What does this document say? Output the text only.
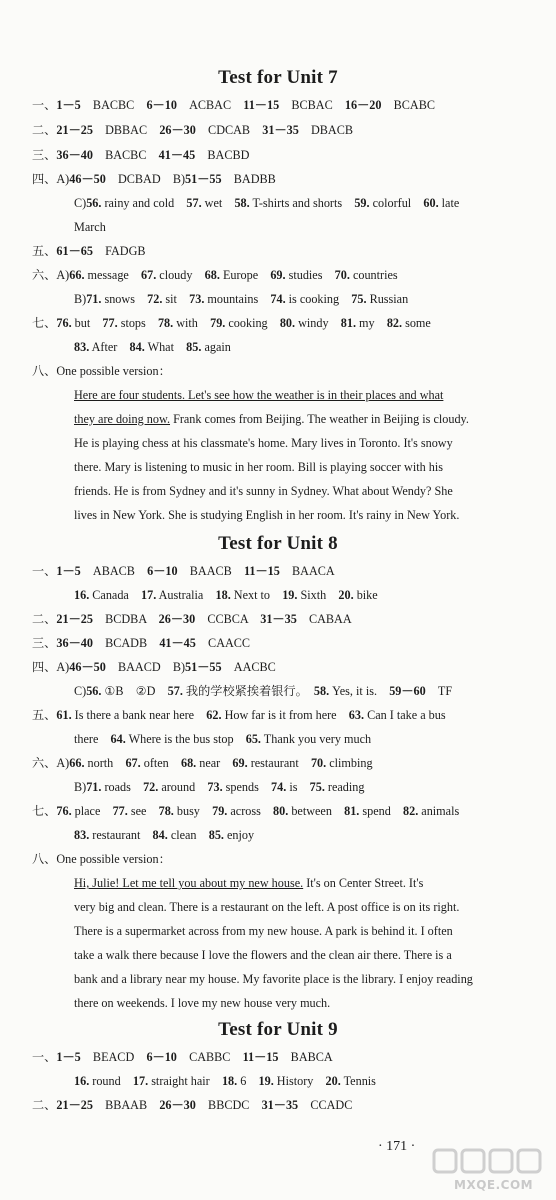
Test for Unit 7
一、1－5　BACBC　6－10　ACBAC　11－15　BCBAC　16－20　BCABC
二、21－25　DBBAC　26－30　CDCAB　31－35　DBACB
三、36－40　BACBC　41－45　BACBD
四、A)46－50　DCBAD　B)51－55　BADBB
C)56. rainy and cold　57. wet　58. T-shirts and shorts　59. colorful　60. late
March
五、61－65　FADGB
六、A)66. message　67. cloudy　68. Europe　69. studies　70. countries
B)71. snows　72. sit　73. mountains　74. is cooking　75. Russian
七、76. but　77. stops　78. with　79. cooking　80. windy　81. my　82. some
83. After　84. What　85. again
八、One possible version：
Here are four students. Let's see how the weather is in their places and what
they are doing now. Frank comes from Beijing. The weather in Beijing is cloudy.
He is playing chess at his classmate's home. Mary lives in Toronto. It's snowy
there. Mary is listening to music in her room. Bill is playing soccer with his
friends. He is from Sydney and it's sunny in Sydney. What about Wendy? She
lives in New York. She is studying English in her room. It's rainy in New York.
Test for Unit 8
一、1－5　ABACB　6－10　BAACB　11－15　BAACA
16. Canada　17. Australia　18. Next to　19. Sixth　20. bike
二、21－25　BCDBA　26－30　CCBCA　31－35　CABAA
三、36－40　BCADB　41－45　CAACC
四、A)46－50　BAACD　B)51－55　AACBC
C)56. ①B　②D　57. 我的学校紧挨着银行。　58. Yes, it is.　59－60　TF
五、61. Is there a bank near here　62. How far is it from here　63. Can I take a bus
there　64. Where is the bus stop　65. Thank you very much
六、A)66. north　67. often　68. near　69. restaurant　70. climbing
B)71. roads　72. around　73. spends　74. is　75. reading
七、76. place　77. see　78. busy　79. across　80. between　81. spend　82. animals
83. restaurant　84. clean　85. enjoy
八、One possible version：
Hi, Julie! Let me tell you about my new house. It's on Center Street. It's
very big and clean. There is a restaurant on the left. A post office is on its right.
There is a supermarket across from my new house. A park is behind it. I often
take a walk there because I love the flowers and the clean air there. There is a
bank and a library near my house. My favorite place is the library. I enjoy reading
there on weekends. I love my new house very much.
Test for Unit 9
一、1－5　BEACD　6－10　CABBC　11－15　BABCA
16. round　17. straight hair　18. 6　19. History　20. Tennis
二、21－25　BBAAB　26－30　BBCDC　31－35　CCADC
· 171 ·
MXQE.COM
